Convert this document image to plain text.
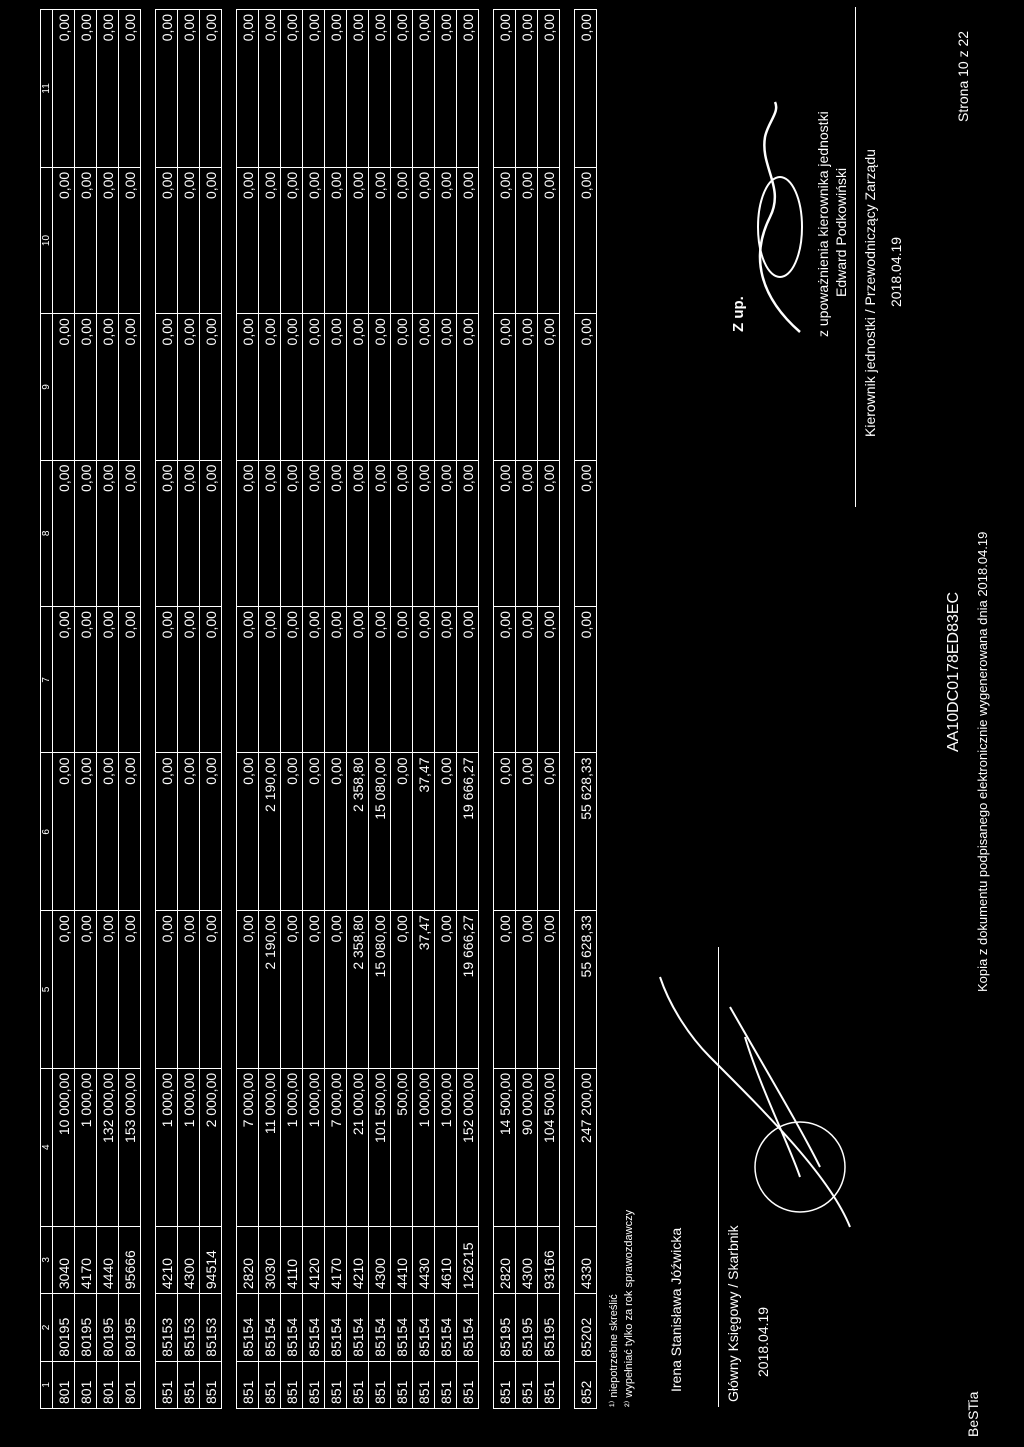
1	2	3	4	5	6	7	8	9	10	11
801	80195	3040	10 000,00	0,00	0,00	0,00	0,00	0,00	0,00	0,00
801	80195	4170	1 000,00	0,00	0,00	0,00	0,00	0,00	0,00	0,00
801	80195	4440	132 000,00	0,00	0,00	0,00	0,00	0,00	0,00	0,00
801	80195	95666	153 000,00	0,00	0,00	0,00	0,00	0,00	0,00	0,00

851	85153	4210	1 000,00	0,00	0,00	0,00	0,00	0,00	0,00	0,00
851	85153	4300	1 000,00	0,00	0,00	0,00	0,00	0,00	0,00	0,00
851	85153	94514	2 000,00	0,00	0,00	0,00	0,00	0,00	0,00	0,00

851	85154	2820	7 000,00	0,00	0,00	0,00	0,00	0,00	0,00	0,00
851	85154	3030	11 000,00	2 190,00	2 190,00	0,00	0,00	0,00	0,00	0,00
851	85154	4110	1 000,00	0,00	0,00	0,00	0,00	0,00	0,00	0,00
851	85154	4120	1 000,00	0,00	0,00	0,00	0,00	0,00	0,00	0,00
851	85154	4170	7 000,00	0,00	0,00	0,00	0,00	0,00	0,00	0,00
851	85154	4210	21 000,00	2 358,80	2 358,80	0,00	0,00	0,00	0,00	0,00
851	85154	4300	101 500,00	15 080,00	15 080,00	0,00	0,00	0,00	0,00	0,00
851	85154	4410	500,00	0,00	0,00	0,00	0,00	0,00	0,00	0,00
851	85154	4430	1 000,00	37,47	37,47	0,00	0,00	0,00	0,00	0,00
851	85154	4610	1 000,00	0,00	0,00	0,00	0,00	0,00	0,00	0,00
851	85154	126215	152 000,00	19 666,27	19 666,27	0,00	0,00	0,00	0,00	0,00

851	85195	2820	14 500,00	0,00	0,00	0,00	0,00	0,00	0,00	0,00
851	85195	4300	90 000,00	0,00	0,00	0,00	0,00	0,00	0,00	0,00
851	85195	93166	104 500,00	0,00	0,00	0,00	0,00	0,00	0,00	0,00

852	85202	4330	247 200,00	55 628,33	55 628,33	0,00	0,00	0,00	0,00	0,00
¹⁾ niepotrzebne skreślić ²⁾ wypełniać tylko za rok sprawozdawczy Irena Stanisława Jóźwicka	Główny Księgowy / Skarbnik 2018.04.19
Z up.	z upoważnienia kierownika jednostki Edward Podkowiński Kierownik jednostki / Przewodniczący Zarządu 2018.04.19
BeSTia
AA10DC0178ED83EC Kopia z dokumentu podpisanego elektronicznie wygenerowana dnia 2018.04.19
Strona 10 z 22
